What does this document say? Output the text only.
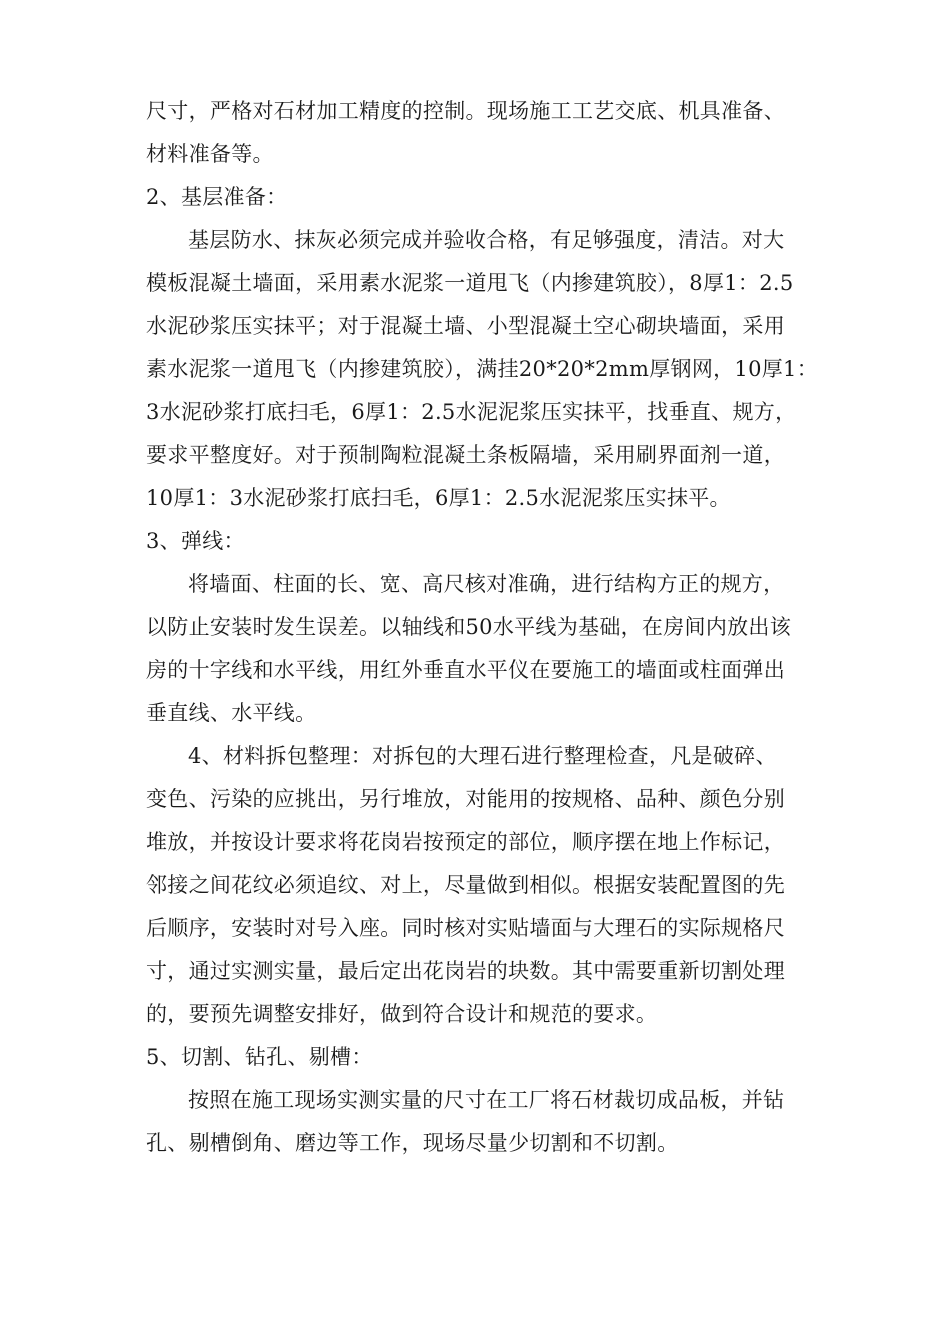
尺寸，严格对石材加工精度的控制。现场施工工艺交底、机具准备、
材料准备等。
2、基层准备：
基层防水、抹灰必须完成并验收合格，有足够强度，清洁。对大
模板混凝土墙面，采用素水泥浆一道甩飞（内掺建筑胶），8厚1：2.5
水泥砂浆压实抹平；对于混凝土墙、小型混凝土空心砌块墙面，采用
素水泥浆一道甩飞（内掺建筑胶），满挂20*20*2mm厚钢网，10厚1：
3水泥砂浆打底扫毛，6厚1：2.5水泥泥浆压实抹平，找垂直、规方，
要求平整度好。对于预制陶粒混凝土条板隔墙，采用刷界面剂一道，
10厚1：3水泥砂浆打底扫毛，6厚1：2.5水泥泥浆压实抹平。
3、弹线：
将墙面、柱面的长、宽、高尺核对准确，进行结构方正的规方，
以防止安装时发生误差。以轴线和50水平线为基础，在房间内放出该
房的十字线和水平线，用红外垂直水平仪在要施工的墙面或柱面弹出
垂直线、水平线。
4、材料拆包整理：对拆包的大理石进行整理检查，凡是破碎、
变色、污染的应挑出，另行堆放，对能用的按规格、品种、颜色分别
堆放，并按设计要求将花岗岩按预定的部位，顺序摆在地上作标记，
邻接之间花纹必须追纹、对上，尽量做到相似。根据安装配置图的先
后顺序，安装时对号入座。同时核对实贴墙面与大理石的实际规格尺
寸，通过实测实量，最后定出花岗岩的块数。其中需要重新切割处理
的，要预先调整安排好，做到符合设计和规范的要求。
5、切割、钻孔、剔槽：
按照在施工现场实测实量的尺寸在工厂将石材裁切成品板，并钻
孔、剔槽倒角、磨边等工作，现场尽量少切割和不切割。
